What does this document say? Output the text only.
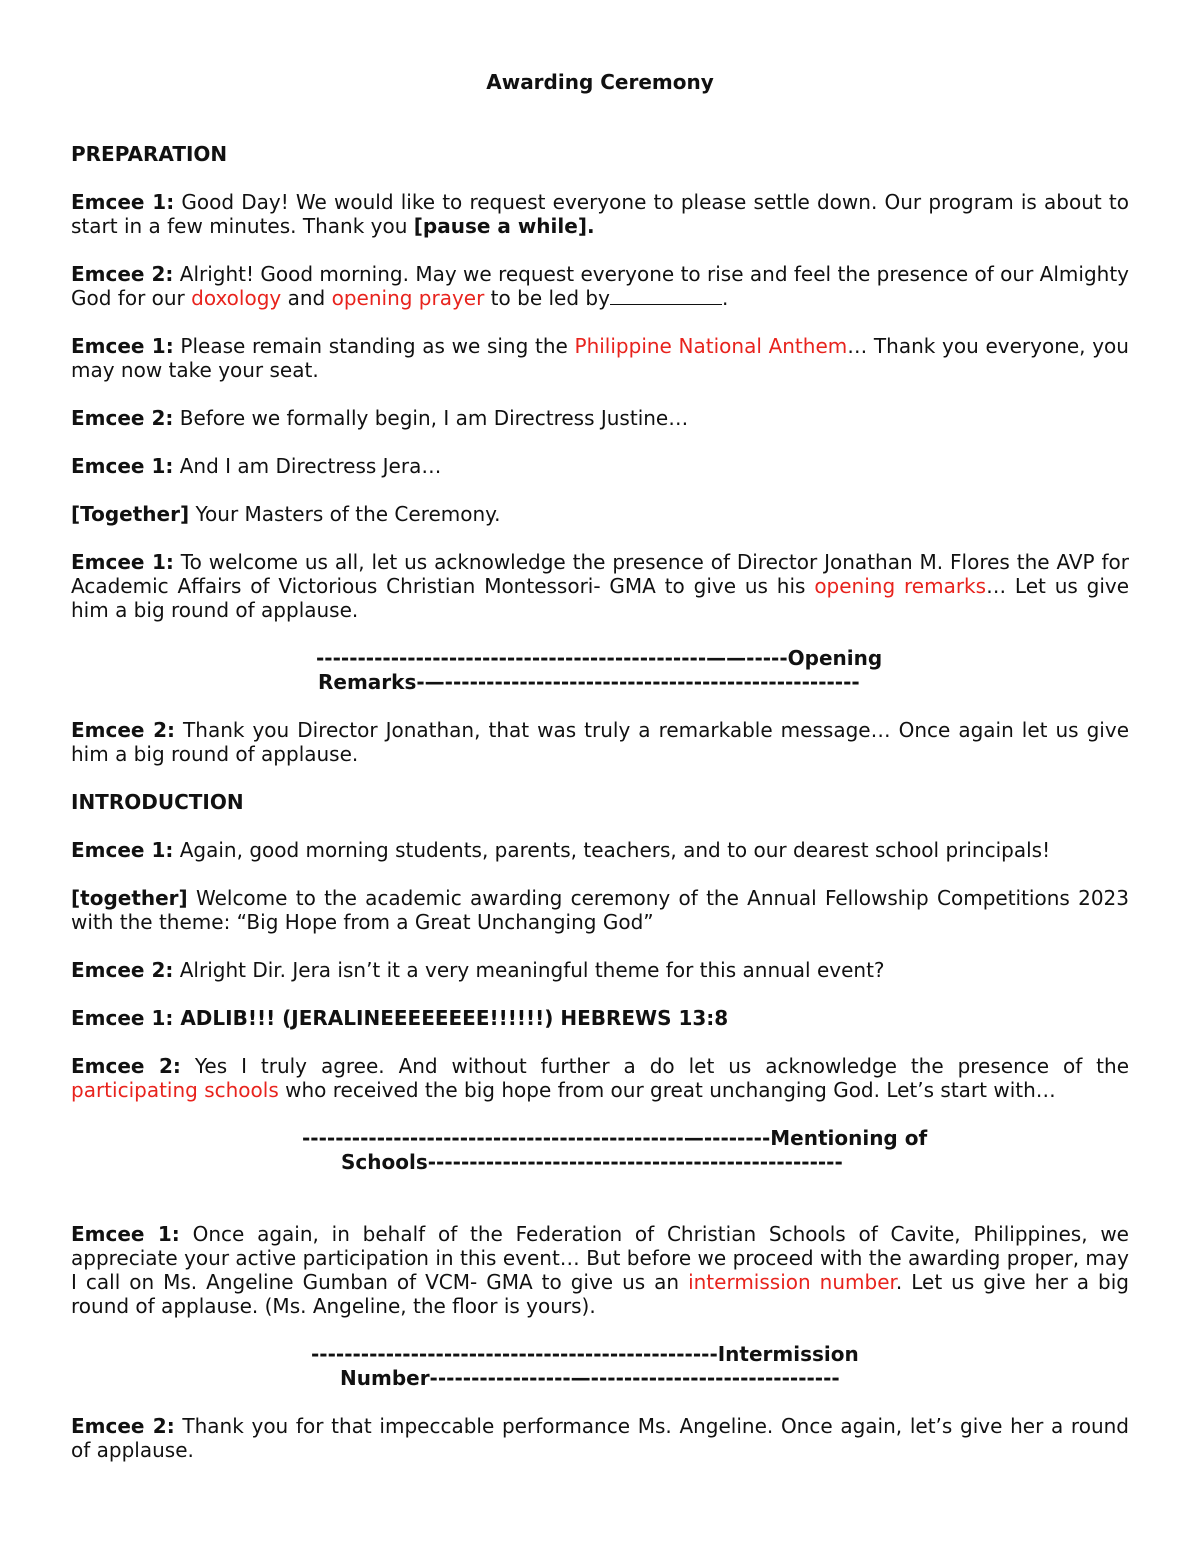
Awarding Ceremony
PREPARATION

Emcee 1: Good Day! We would like to request everyone to please settle down. Our program is about to start in a few minutes. Thank you [pause a while].

Emcee 2: Alright! Good morning. May we request everyone to rise and feel the presence of our Almighty God for our doxology and opening prayer to be led by	.

Emcee 1: Please remain standing as we sing the Philippine National Anthem… Thank you everyone, you may now take your seat.

Emcee 2: Before we formally begin, I am Directress Justine…

Emcee 1: And I am Directress Jera…

[Together] Your Masters of the Ceremony.

Emcee 1: To welcome us all, let us acknowledge the presence of Director Jonathan M. Flores the AVP for Academic Affairs of Victorious Christian Montessori- GMA to give us his opening remarks… Let us give him a big round of applause.

-----------------------------------------------——-----Opening
Remarks-—--------------------------------------------------

Emcee 2: Thank you Director Jonathan, that was truly a remarkable message… Once again let us give him a big round of applause.

INTRODUCTION

Emcee 1: Again, good morning students, parents, teachers, and to our dearest school principals!

[together] Welcome to the academic awarding ceremony of the Annual Fellowship Competitions 2023 with the theme: “Big Hope from a Great Unchanging God”

Emcee 2: Alright Dir. Jera isn’t it a very meaningful theme for this annual event?

Emcee 1: ADLIB!!! (JERALINEEEEEEEE!!!!!!) HEBREWS 13:8

Emcee 2: Yes I truly agree. And without further a do let us acknowledge the presence of the participating schools who received the big hope from our great unchanging God. Let’s start with…

----------------------------------------------—--------Mentioning of
Schools--------------------------------------------------

Emcee 1: Once again, in behalf of the Federation of Christian Schools of Cavite, Philippines, we appreciate your active participation in this event… But before we proceed with the awarding proper, may I call on Ms. Angeline Gumban of VCM- GMA to give us an intermission number. Let us give her a big round of applause. (Ms. Angeline, the floor is yours).

-------------------------------------------------Intermission
Number-----------------—------------------------------

Emcee 2: Thank you for that impeccable performance Ms. Angeline. Once again, let’s give her a round of applause.
